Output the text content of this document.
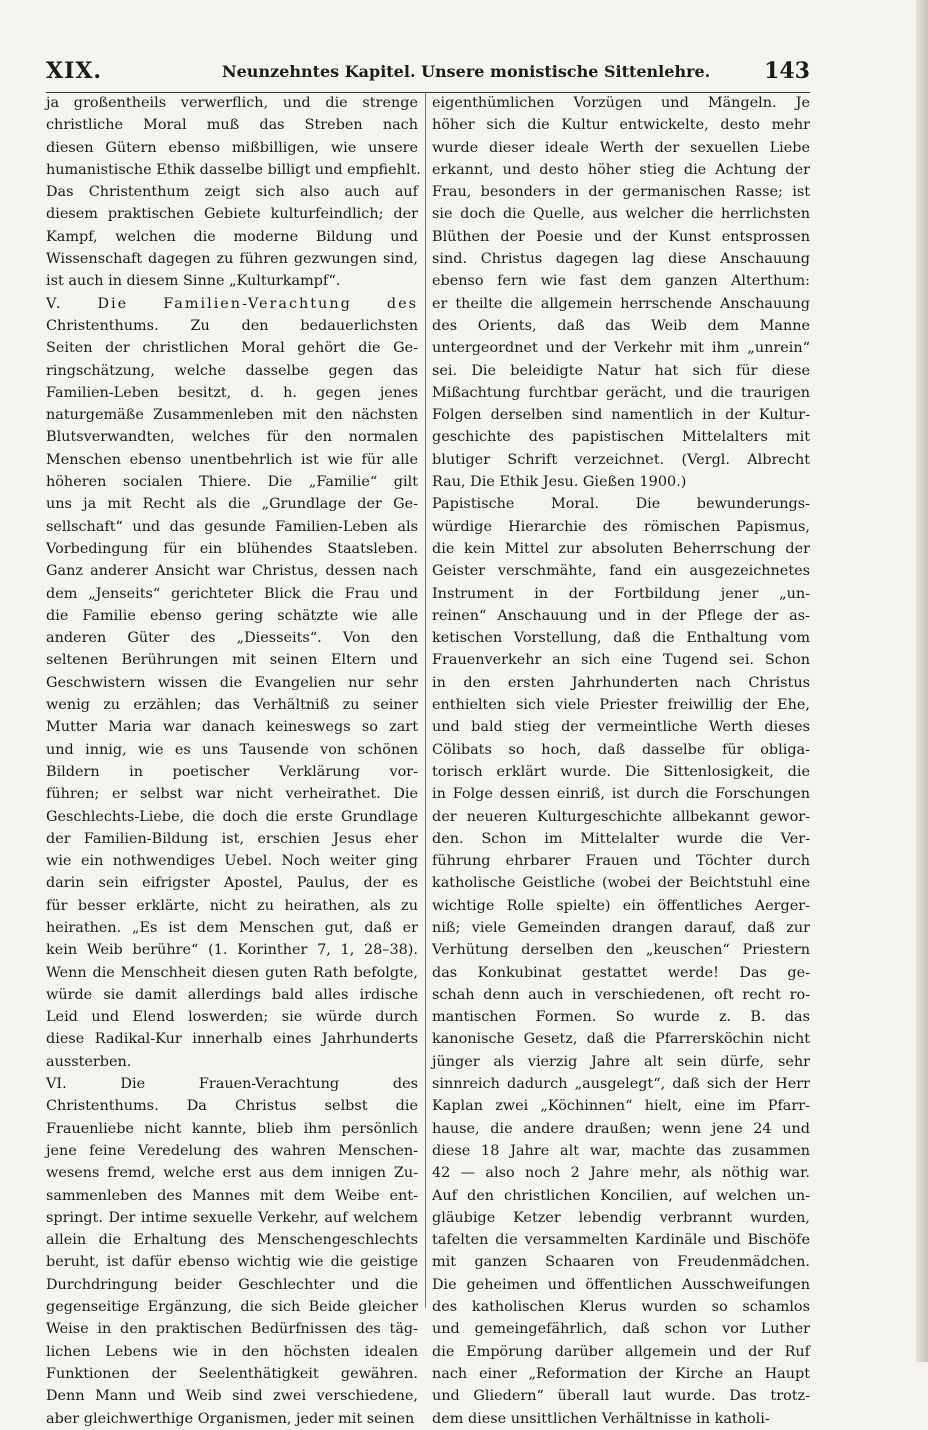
XIX.	Neunzehntes Kapitel. Unsere monistische Sittenlehre. 143
ja großentheils verwerflich, und die strenge
christliche Moral muß das Streben nach
diesen Gütern ebenso mißbilligen, wie unsere
humanistische Ethik dasselbe billigt und empfiehlt.
Das Christenthum zeigt sich also auch auf
diesem praktischen Gebiete kulturfeindlich; der
Kampf, welchen die moderne Bildung und
Wissenschaft dagegen zu führen gezwungen sind,
ist auch in diesem Sinne „Kulturkampf“.
V. Die Familien-Verachtung des
Christenthums. Zu den bedauerlichsten
Seiten der christlichen Moral gehört die Ge-
ringschätzung, welche dasselbe gegen das
Familien-Leben besitzt, d. h. gegen jenes
naturgemäße Zusammenleben mit den nächsten
Blutsverwandten, welches für den normalen
Menschen ebenso unentbehrlich ist wie für alle
höheren socialen Thiere. Die „Familie“ gilt
uns ja mit Recht als die „Grundlage der Ge-
sellschaft“ und das gesunde Familien-Leben als
Vorbedingung für ein blühendes Staatsleben.
Ganz anderer Ansicht war Christus, dessen nach
dem „Jenseits“ gerichteter Blick die Frau und
die Familie ebenso gering schätzte wie alle
anderen Güter des „Diesseits“. Von den
seltenen Berührungen mit seinen Eltern und
Geschwistern wissen die Evangelien nur sehr
wenig zu erzählen; das Verhältniß zu seiner
Mutter Maria war danach keineswegs so zart
und innig, wie es uns Tausende von schönen
Bildern in poetischer Verklärung vor-
führen; er selbst war nicht verheirathet. Die
Geschlechts-Liebe, die doch die erste Grundlage
der Familien-Bildung ist, erschien Jesus eher
wie ein nothwendiges Uebel. Noch weiter ging
darin sein eifrigster Apostel, Paulus, der es
für besser erklärte, nicht zu heirathen, als zu
heirathen. „Es ist dem Menschen gut, daß er
kein Weib berühre“ (1. Korinther 7, 1, 28–38).
Wenn die Menschheit diesen guten Rath befolgte,
würde sie damit allerdings bald alles irdische
Leid und Elend loswerden; sie würde durch
diese Radikal-Kur innerhalb eines Jahrhunderts
aussterben.
VI. Die Frauen-Verachtung des
Christenthums. Da Christus selbst die
Frauenliebe nicht kannte, blieb ihm persönlich
jene feine Veredelung des wahren Menschen-
wesens fremd, welche erst aus dem innigen Zu-
sammenleben des Mannes mit dem Weibe ent-
springt. Der intime sexuelle Verkehr, auf welchem
allein die Erhaltung des Menschengeschlechts
beruht, ist dafür ebenso wichtig wie die geistige
Durchdringung beider Geschlechter und die
gegenseitige Ergänzung, die sich Beide gleicher
Weise in den praktischen Bedürfnissen des täg-
lichen Lebens wie in den höchsten idealen
Funktionen der Seelenthätigkeit gewähren.
Denn Mann und Weib sind zwei verschiedene,
aber gleichwerthige Organismen, jeder mit seinen
eigenthümlichen Vorzügen und Mängeln. Je
höher sich die Kultur entwickelte, desto mehr
wurde dieser ideale Werth der sexuellen Liebe
erkannt, und desto höher stieg die Achtung der
Frau, besonders in der germanischen Rasse; ist
sie doch die Quelle, aus welcher die herrlichsten
Blüthen der Poesie und der Kunst entsprossen
sind. Christus dagegen lag diese Anschauung
ebenso fern wie fast dem ganzen Alterthum:
er theilte die allgemein herrschende Anschauung
des Orients, daß das Weib dem Manne
untergeordnet und der Verkehr mit ihm „unrein“
sei. Die beleidigte Natur hat sich für diese
Mißachtung furchtbar gerächt, und die traurigen
Folgen derselben sind namentlich in der Kultur-
geschichte des papistischen Mittelalters mit
blutiger Schrift verzeichnet. (Vergl. Albrecht
Rau, Die Ethik Jesu. Gießen 1900.)
Papistische Moral. Die bewunderungs-
würdige Hierarchie des römischen Papismus,
die kein Mittel zur absoluten Beherrschung der
Geister verschmähte, fand ein ausgezeichnetes
Instrument in der Fortbildung jener „un-
reinen“ Anschauung und in der Pflege der as-
ketischen Vorstellung, daß die Enthaltung vom
Frauenverkehr an sich eine Tugend sei. Schon
in den ersten Jahrhunderten nach Christus
enthielten sich viele Priester freiwillig der Ehe,
und bald stieg der vermeintliche Werth dieses
Cölibats so hoch, daß dasselbe für obliga-
torisch erklärt wurde. Die Sittenlosigkeit, die
in Folge dessen einriß, ist durch die Forschungen
der neueren Kulturgeschichte allbekannt gewor-
den. Schon im Mittelalter wurde die Ver-
führung ehrbarer Frauen und Töchter durch
katholische Geistliche (wobei der Beichtstuhl eine
wichtige Rolle spielte) ein öffentliches Aerger-
niß; viele Gemeinden drangen darauf, daß zur
Verhütung derselben den „keuschen“ Priestern
das Konkubinat gestattet werde! Das ge-
schah denn auch in verschiedenen, oft recht ro-
mantischen Formen. So wurde z. B. das
kanonische Gesetz, daß die Pfarrersköchin nicht
jünger als vierzig Jahre alt sein dürfe, sehr
sinnreich dadurch „ausgelegt“, daß sich der Herr
Kaplan zwei „Köchinnen“ hielt, eine im Pfarr-
hause, die andere draußen; wenn jene 24 und
diese 18 Jahre alt war, machte das zusammen
42 — also noch 2 Jahre mehr, als nöthig war.
Auf den christlichen Koncilien, auf welchen un-
gläubige Ketzer lebendig verbrannt wurden,
tafelten die versammelten Kardinäle und Bischöfe
mit ganzen Schaaren von Freudenmädchen.
Die geheimen und öffentlichen Ausschweifungen
des katholischen Klerus wurden so schamlos
und gemeingefährlich, daß schon vor Luther
die Empörung darüber allgemein und der Ruf
nach einer „Reformation der Kirche an Haupt
und Gliedern“ überall laut wurde. Das trotz-
dem diese unsittlichen Verhältnisse in katholi-
